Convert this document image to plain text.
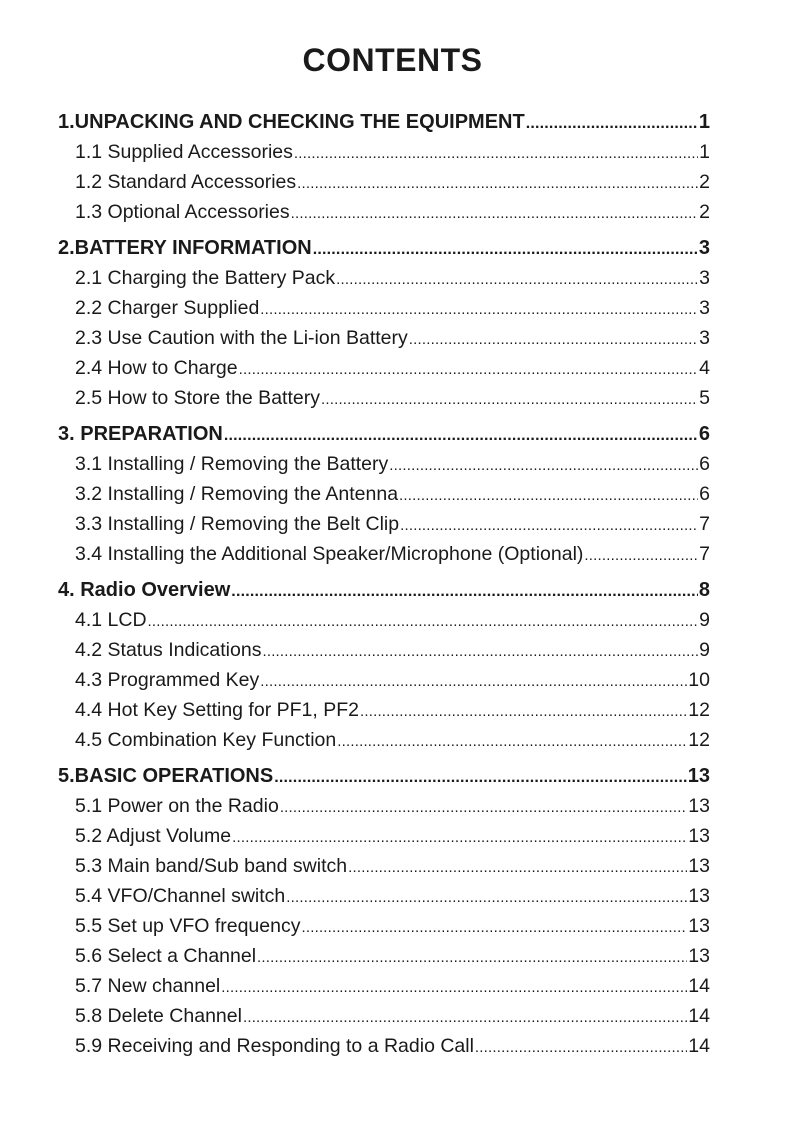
CONTENTS
1.UNPACKING AND CHECKING THE EQUIPMENT .....	1
1.1 Supplied Accessories .....	1
1.2 Standard Accessories .....	2
1.3 Optional Accessories .....	2
2.BATTERY INFORMATION .....	3
2.1 Charging the Battery Pack .....	3
2.2 Charger Supplied .....	3
2.3 Use Caution with the Li-ion Battery .....	3
2.4 How to Charge .....	4
2.5 How to Store the Battery .....	5
3. PREPARATION .....	6
3.1 Installing / Removing the Battery .....	6
3.2 Installing / Removing the Antenna .....	6
3.3 Installing / Removing the Belt Clip .....	7
3.4 Installing the Additional Speaker/Microphone (Optional) .....	7
4. Radio Overview .....	8
4.1 LCD .....	9
4.2 Status Indications .....	9
4.3 Programmed Key .....	10
4.4 Hot Key Setting for PF1, PF2 .....	12
4.5 Combination Key Function .....	12
5.BASIC OPERATIONS .....	13
5.1 Power on the Radio .....	13
5.2 Adjust Volume .....	13
5.3 Main band/Sub band switch .....	13
5.4 VFO/Channel switch .....	13
5.5 Set up VFO frequency .....	13
5.6 Select a Channel .....	13
5.7 New channel .....	14
5.8 Delete Channel .....	14
5.9 Receiving and Responding to a Radio Call .....	14
